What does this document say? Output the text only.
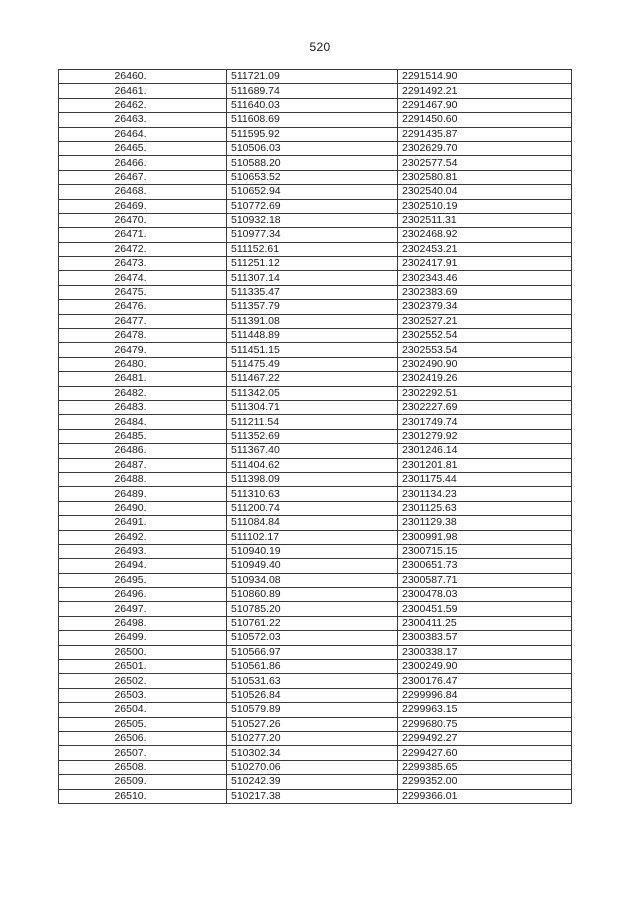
520
26460.	511721.09	2291514.90
26461.	511689.74	2291492.21
26462.	511640.03	2291467.90
26463.	511608.69	2291450.60
26464.	511595.92	2291435.87
26465.	510506.03	2302629.70
26466.	510588.20	2302577.54
26467.	510653.52	2302580.81
26468.	510652.94	2302540.04
26469.	510772.69	2302510.19
26470.	510932.18	2302511.31
26471.	510977.34	2302468.92
26472.	511152.61	2302453.21
26473.	511251.12	2302417.91
26474.	511307.14	2302343.46
26475.	511335.47	2302383.69
26476.	511357.79	2302379.34
26477.	511391.08	2302527.21
26478.	511448.89	2302552.54
26479.	511451.15	2302553.54
26480.	511475.49	2302490.90
26481.	511467.22	2302419.26
26482.	511342.05	2302292.51
26483.	511304.71	2302227.69
26484.	511211.54	2301749.74
26485.	511352.69	2301279.92
26486.	511367.40	2301246.14
26487.	511404.62	2301201.81
26488.	511398.09	2301175.44
26489.	511310.63	2301134.23
26490.	511200.74	2301125.63
26491.	511084.84	2301129.38
26492.	511102.17	2300991.98
26493.	510940.19	2300715.15
26494.	510949.40	2300651.73
26495.	510934.08	2300587.71
26496.	510860.89	2300478.03
26497.	510785.20	2300451.59
26498.	510761.22	2300411.25
26499.	510572.03	2300383.57
26500.	510566.97	2300338.17
26501.	510561.86	2300249.90
26502.	510531.63	2300176.47
26503.	510526.84	2299996.84
26504.	510579.89	2299963.15
26505.	510527.26	2299680.75
26506.	510277.20	2299492.27
26507.	510302.34	2299427.60
26508.	510270.06	2299385.65
26509.	510242.39	2299352.00
26510.	510217.38	2299366.01
